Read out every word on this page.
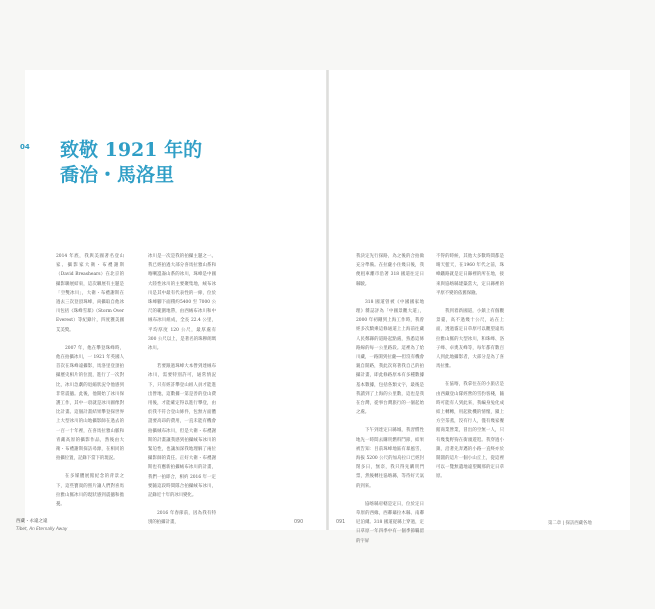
04 致敬 1921 年的
喬治・馬洛里

2014 年底，我與美國著名登山家、攝影家大衛・布禮謝斯（David Breashears）在北京的攝影聯展結束，這次聯展有主題是「空雙冰川」，大衛・布禮謝斯在過去三次登頂珠峰，尚攝取自他冰川包括《珠峰雪暴》（Storm Over Everest）等紀錄片，四度獲美國艾美獎。

2007 年，他在攀登珠峰時，他在拍攝冰川，一 1921 年英國人首次在珠峰遠攝影，馬洛里登頂拍攝歷史相片的位置，進行了一次對比，冰川急劇的退縮狀況令他感到非常震撼。此後，他開始了冰川保護工作，其中一項就是冰川圖像對比計畫。這個計畫結果攀登探世界上大型冰川的山地攝影師在過去的一百一十年裡，在喜馬拉雅山脈和青藏高原的攝影作品，然後由大衛・布禮謝斯探訪尋源，在相同的拍攝位置，記錄下當下的現況。

在多媒體展館紀念的背景之下，這些寶貴的照片讓人們對喜馬拉雅山脈冰川的現狀感到震撼和擔憂。

冰川是一次是我的拍攝主題之一。我已經拍過大部分喜馬拉雅山系和喀喇崑崙山系的冰川，珠峰是中國大陸性冰川的主要聚集地，絨布冰川是其中最有代表性的一條，位於珠峰腳下面積約5400 至 7000 公尺的範圍地帶，由西絨布冰川和中絨布冰川組成，全長 22.4 公里，平均厚度 120 公尺，最厚處有 300 公尺以上，是著名的珠穆朗瑪冰川。

若要跟過珠峰大本營到達絨布冰川，需要特別許可，通常情況下，只有經許攀登山組人員才能進出營地，這數據一第是善的登山費用後，才能確定得以進行攀登，由於我不符合登山條件，包無方面體證要高昂的費用，一直未能有機會拍攝絨布冰川，但是大衛・布禮謝斯的計畫讓我感到拍攝絨布冰川的緊迫性，也讓加深我地理解了兩位攝影師的責任。正好大衛・布禮謝斯也有應新拍攝絨布冰川的計畫，我們一拍即合，相約 2016 年一定要隨這段時間隊合拍攝絨布冰川，記錄近十年的冰川變化。

2016 年春節前，因為我有特別的拍攝計畫，

我決定先行探路，為之後的合拍做充分準備。在拉薩小住幾日後，我便租車離市沿著 318 國道往定日縣駛。

318 國道曾被《中國國家地理》雜誌評為「中國景觀大道」，2000 年初剛到上海工作時，我曾經多次騎乘這條通道上上海前往藏人民鄭縣的道路起點處，熟悉這條路線的每一公里路段。這裡為了給川藏，一路開到拉薩──但沒有機會親自開路，我此次寫著我自己的拍攝計畫，即此條路原本有多種數據基本數據，包括各類文字，最後是我讀到了上海的公里數，這也是我在台灣，從事台灣旅行的一個起始之處。

下午到達定日縣城，我習慣性地先一時間去購買燃料鬥節，結果被告知：目前珠峰地區有暴風雪，海拔 5200 公尺的加烏拉口已經封閉多日，無奈，我只得先購買門票，然後轉往協喀縣，等待好天氣的到來。

協喀縣府轄是定日，位於定日草原的西緣，西鄰聶拉木縣、南鄰尼泊爾。318 國道從縣上穿過，定日草原一年四季中有一個季節羈留的宇屏

不得的時候，其他大多數時間都是晴天藍天，在1960 年代之前，珠峰鐵路就是定日縣裡的所在地，接來與協喀縣建築當大，定日縣裡的平原不變的依舊保險。

我到着新國道，小鎮上有個觀景臺，高不過幾十公尺，站在上面，透過霧定日草原可以觀望遠馬拉雅山脈的大型冰川，和珠峰、洛子峰、卓奧友峰等，每年都有數百人到此地攝影者，大部分是為了喜馬拉雅。

在協喀，我拿往在的小旅店是由西藏登山隊經營的雪豹客棧，隨時可能有人到此來，我編身兔化成結上轉轉，用起批機的情懷，鎖上方空茶蒸，沒有行人，僅有幾家餐館商業營業，冒出的空無一人，只有幾隻野狗在街頭遊逛。我穿過小鎮，沿著先奔邁的小路一直終亦於開闊的這片一個小山丘上，從這裡可以一覽無遺地遠望關那的定日草原。

西藏・永遠之遠
Tibet, An Eternally Away
090	091	第二章 | 探訪西藏各地
